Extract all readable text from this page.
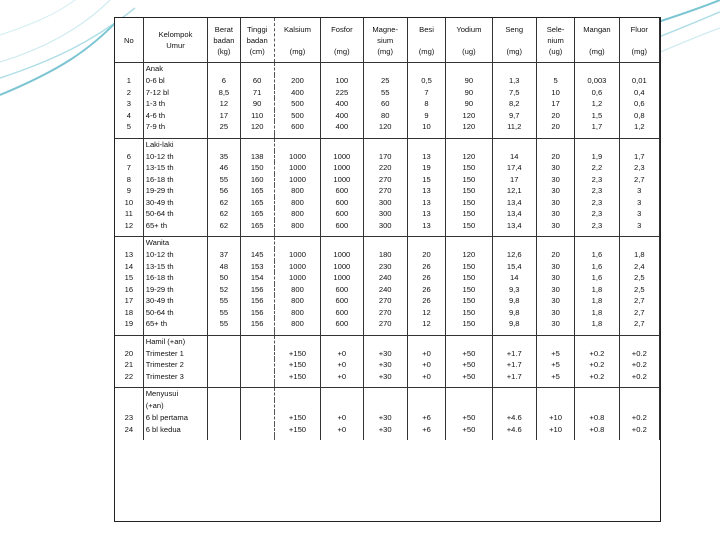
No	Kelompok
Umur	Berat
badan
(kg)	Tinggi
badan
(cm)	Kalsium

(mg)	Fosfor

(mg)	Magne-
sium
(mg)	Besi

(mg)	Yodium

(ug)	Seng

(mg)	Sele-
nium
(ug)	Mangan

(mg)	Fluor

(mg)
	Anak											
1	0-6 bl	6	60	200	100	25	0,5	90	1,3	5	0,003	0,01
2	7-12 bl	8,5	71	400	225	55	7	90	7,5	10	0,6	0,4
3	1-3 th	12	90	500	400	60	8	90	8,2	17	1,2	0,6
4	4-6 th	17	110	500	400	80	9	120	9,7	20	1,5	0,8
5	7-9 th	25	120	600	400	120	10	120	11,2	20	1,7	1,2

	Laki-laki											
6	10-12 th	35	138	1000	1000	170	13	120	14	20	1,9	1,7
7	13-15 th	46	150	1000	1000	220	19	150	17,4	30	2,2	2,3
8	16-18 th	55	160	1000	1000	270	15	150	17	30	2,3	2,7
9	19-29 th	56	165	800	600	270	13	150	12,1	30	2,3	3
10	30-49 th	62	165	800	600	300	13	150	13,4	30	2,3	3
11	50-64 th	62	165	800	600	300	13	150	13,4	30	2,3	3
12	65+ th	62	165	800	600	300	13	150	13,4	30	2,3	3

	Wanita											
13	10-12 th	37	145	1000	1000	180	20	120	12,6	20	1,6	1,8
14	13-15 th	48	153	1000	1000	230	26	150	15,4	30	1,6	2,4
15	16-18 th	50	154	1000	1000	240	26	150	14	30	1,6	2,5
16	19-29 th	52	156	800	600	240	26	150	9,3	30	1,8	2,5
17	30-49 th	55	156	800	600	270	26	150	9,8	30	1,8	2,7
18	50-64 th	55	156	800	600	270	12	150	9,8	30	1,8	2,7
19	65+ th	55	156	800	600	270	12	150	9,8	30	1,8	2,7

	Hamil (+an)											
20	Trimester 1			+150	+0	+30	+0	+50	+1.7	+5	+0.2	+0.2
21	Trimester 2			+150	+0	+30	+0	+50	+1.7	+5	+0.2	+0.2
22	Trimester 3			+150	+0	+30	+0	+50	+1.7	+5	+0.2	+0.2

	Menyusui											
	(+an)											
23	6 bl pertama			+150	+0	+30	+6	+50	+4.6	+10	+0.8	+0.2
24	6 bl kedua			+150	+0	+30	+6	+50	+4.6	+10	+0.8	+0.2
